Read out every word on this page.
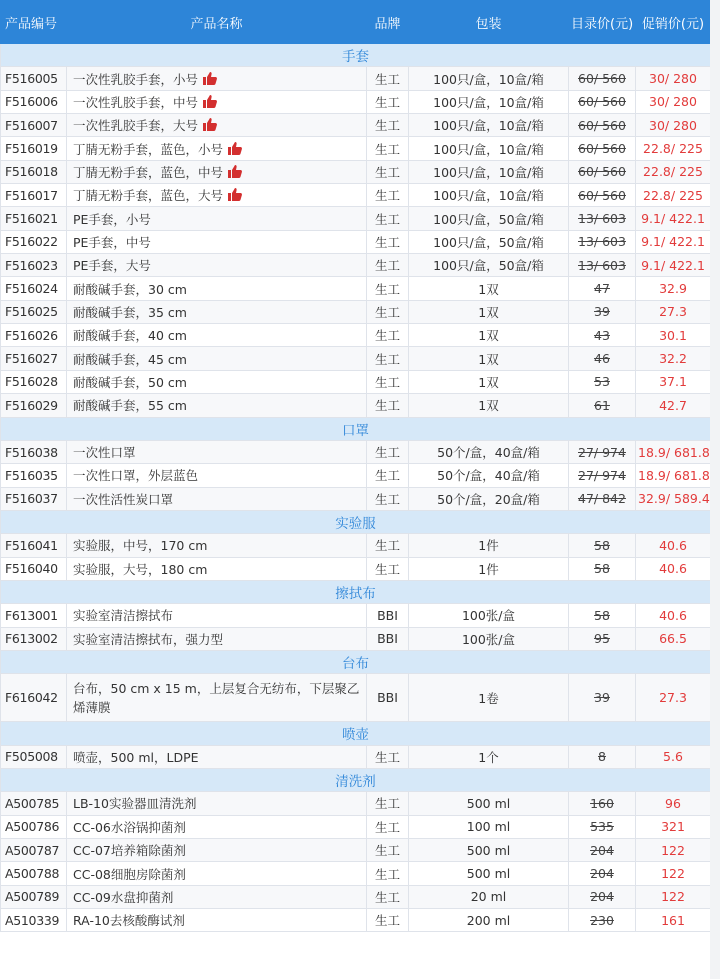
产品编号	产品名称	品牌	包装	目录价(元)	促销价(元)
手套					
F516005	一次性乳胶手套，小号	生工	100只/盒，10盒/箱	60/ 560	30/ 280
F516006	一次性乳胶手套，中号	生工	100只/盒，10盒/箱	60/ 560	30/ 280
F516007	一次性乳胶手套，大号	生工	100只/盒，10盒/箱	60/ 560	30/ 280
F516019	丁腈无粉手套，蓝色，小号	生工	100只/盒，10盒/箱	60/ 560	22.8/ 225
F516018	丁腈无粉手套，蓝色，中号	生工	100只/盒，10盒/箱	60/ 560	22.8/ 225
F516017	丁腈无粉手套，蓝色，大号	生工	100只/盒，10盒/箱	60/ 560	22.8/ 225
F516021	PE手套，小号	生工	100只/盒，50盒/箱	13/ 603	9.1/ 422.1
F516022	PE手套，中号	生工	100只/盒，50盒/箱	13/ 603	9.1/ 422.1
F516023	PE手套，大号	生工	100只/盒，50盒/箱	13/ 603	9.1/ 422.1
F516024	耐酸碱手套，30 cm	生工	1双	47	32.9
F516025	耐酸碱手套，35 cm	生工	1双	39	27.3
F516026	耐酸碱手套，40 cm	生工	1双	43	30.1
F516027	耐酸碱手套，45 cm	生工	1双	46	32.2
F516028	耐酸碱手套，50 cm	生工	1双	53	37.1
F516029	耐酸碱手套，55 cm	生工	1双	61	42.7
口罩					
F516038	一次性口罩	生工	50个/盒，40盒/箱	27/ 974	18.9/ 681.8
F516035	一次性口罩，外层蓝色	生工	50个/盒，40盒/箱	27/ 974	18.9/ 681.8
F516037	一次性活性炭口罩	生工	50个/盒，20盒/箱	47/ 842	32.9/ 589.4
实验服					
F516041	实验服，中号，170 cm	生工	1件	58	40.6
F516040	实验服，大号，180 cm	生工	1件	58	40.6
擦拭布					
F613001	实验室清洁擦拭布	BBI	100张/盒	58	40.6
F613002	实验室清洁擦拭布，强力型	BBI	100张/盒	95	66.5
台布					
F616042	台布，50 cm x 15 m，上层复合无纺布，下层聚乙烯薄膜	BBI	1卷	39	27.3
喷壶					
F505008	喷壶，500 ml，LDPE	生工	1个	8	5.6
清洗剂					
A500785	LB-10实验器皿清洗剂	生工	500 ml	160	96
A500786	CC-06水浴锅抑菌剂	生工	100 ml	535	321
A500787	CC-07培养箱除菌剂	生工	500 ml	204	122
A500788	CC-08细胞房除菌剂	生工	500 ml	204	122
A500789	CC-09水盘抑菌剂	生工	20 ml	204	122
A510339	RA-10去核酸酶试剂	生工	200 ml	230	161
